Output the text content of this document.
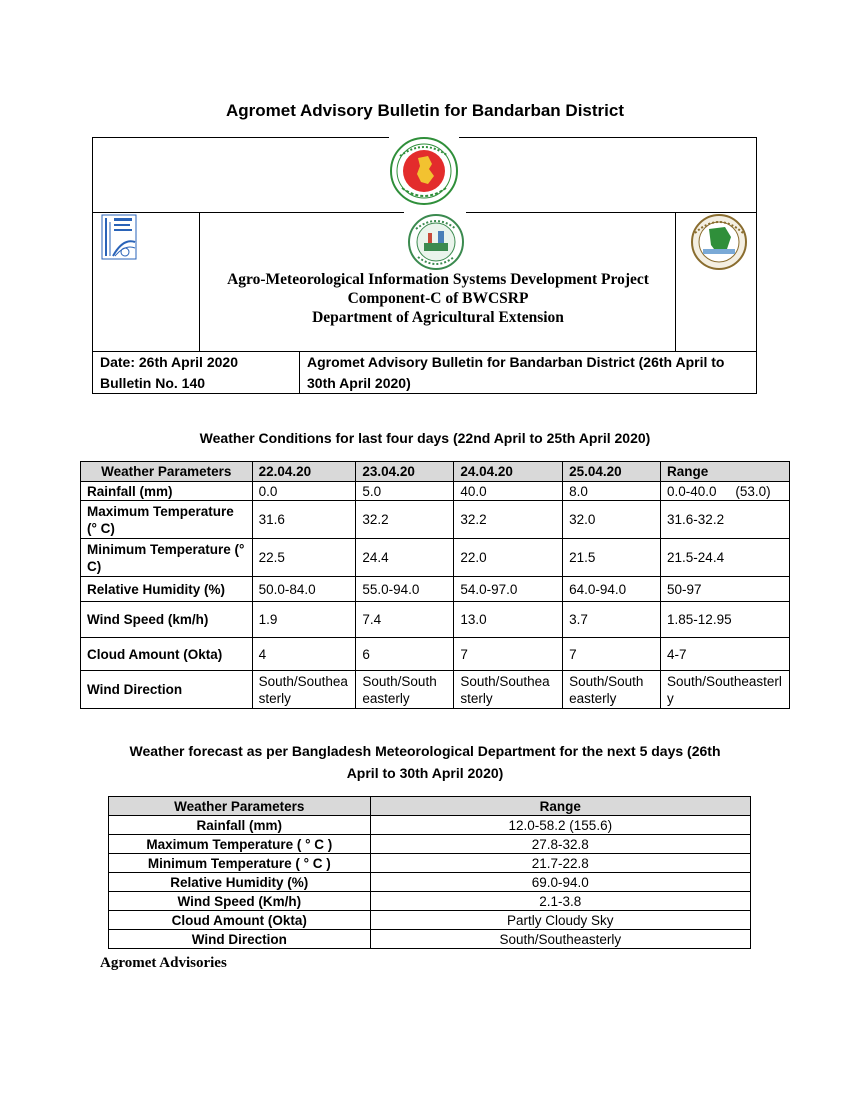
Agromet Advisory Bulletin for Bandarban District
Agro-Meteorological Information Systems Development Project
Component-C of BWCSRP
Department of Agricultural Extension
Date: 26th April 2020
Bulletin No. 140
Agromet Advisory Bulletin for Bandarban District (26th April to
30th April 2020)
Weather Conditions for last four days (22nd April to 25th April 2020)
Weather Parameters	22.04.20	23.04.20	24.04.20	25.04.20	Range
Rainfall (mm)	0.0	5.0	40.0	8.0	0.0-40.0     (53.0)
Maximum Temperature (° C)	31.6	32.2	32.2	32.0	31.6-32.2
Minimum Temperature (° C)	22.5	24.4	22.0	21.5	21.5-24.4
Relative Humidity (%)	50.0-84.0	55.0-94.0	54.0-97.0	64.0-94.0	50-97
Wind Speed (km/h)	1.9	7.4	13.0	3.7	1.85-12.95
Cloud Amount (Okta)	4	6	7	7	4-7
Wind Direction	South/Southeasterly	South/South easterly	South/Southeasterly	South/South easterly	South/Southeasterly
Weather forecast as per Bangladesh Meteorological Department for the next 5 days (26th
April to 30th April 2020)
Weather Parameters	Range
Rainfall (mm)	12.0-58.2 (155.6)
Maximum Temperature ( ° C )	27.8-32.8
Minimum Temperature ( ° C )	21.7-22.8
Relative Humidity (%)	69.0-94.0
Wind Speed (Km/h)	2.1-3.8
Cloud Amount (Okta)	Partly Cloudy Sky
Wind Direction	South/Southeasterly
Agromet Advisories
